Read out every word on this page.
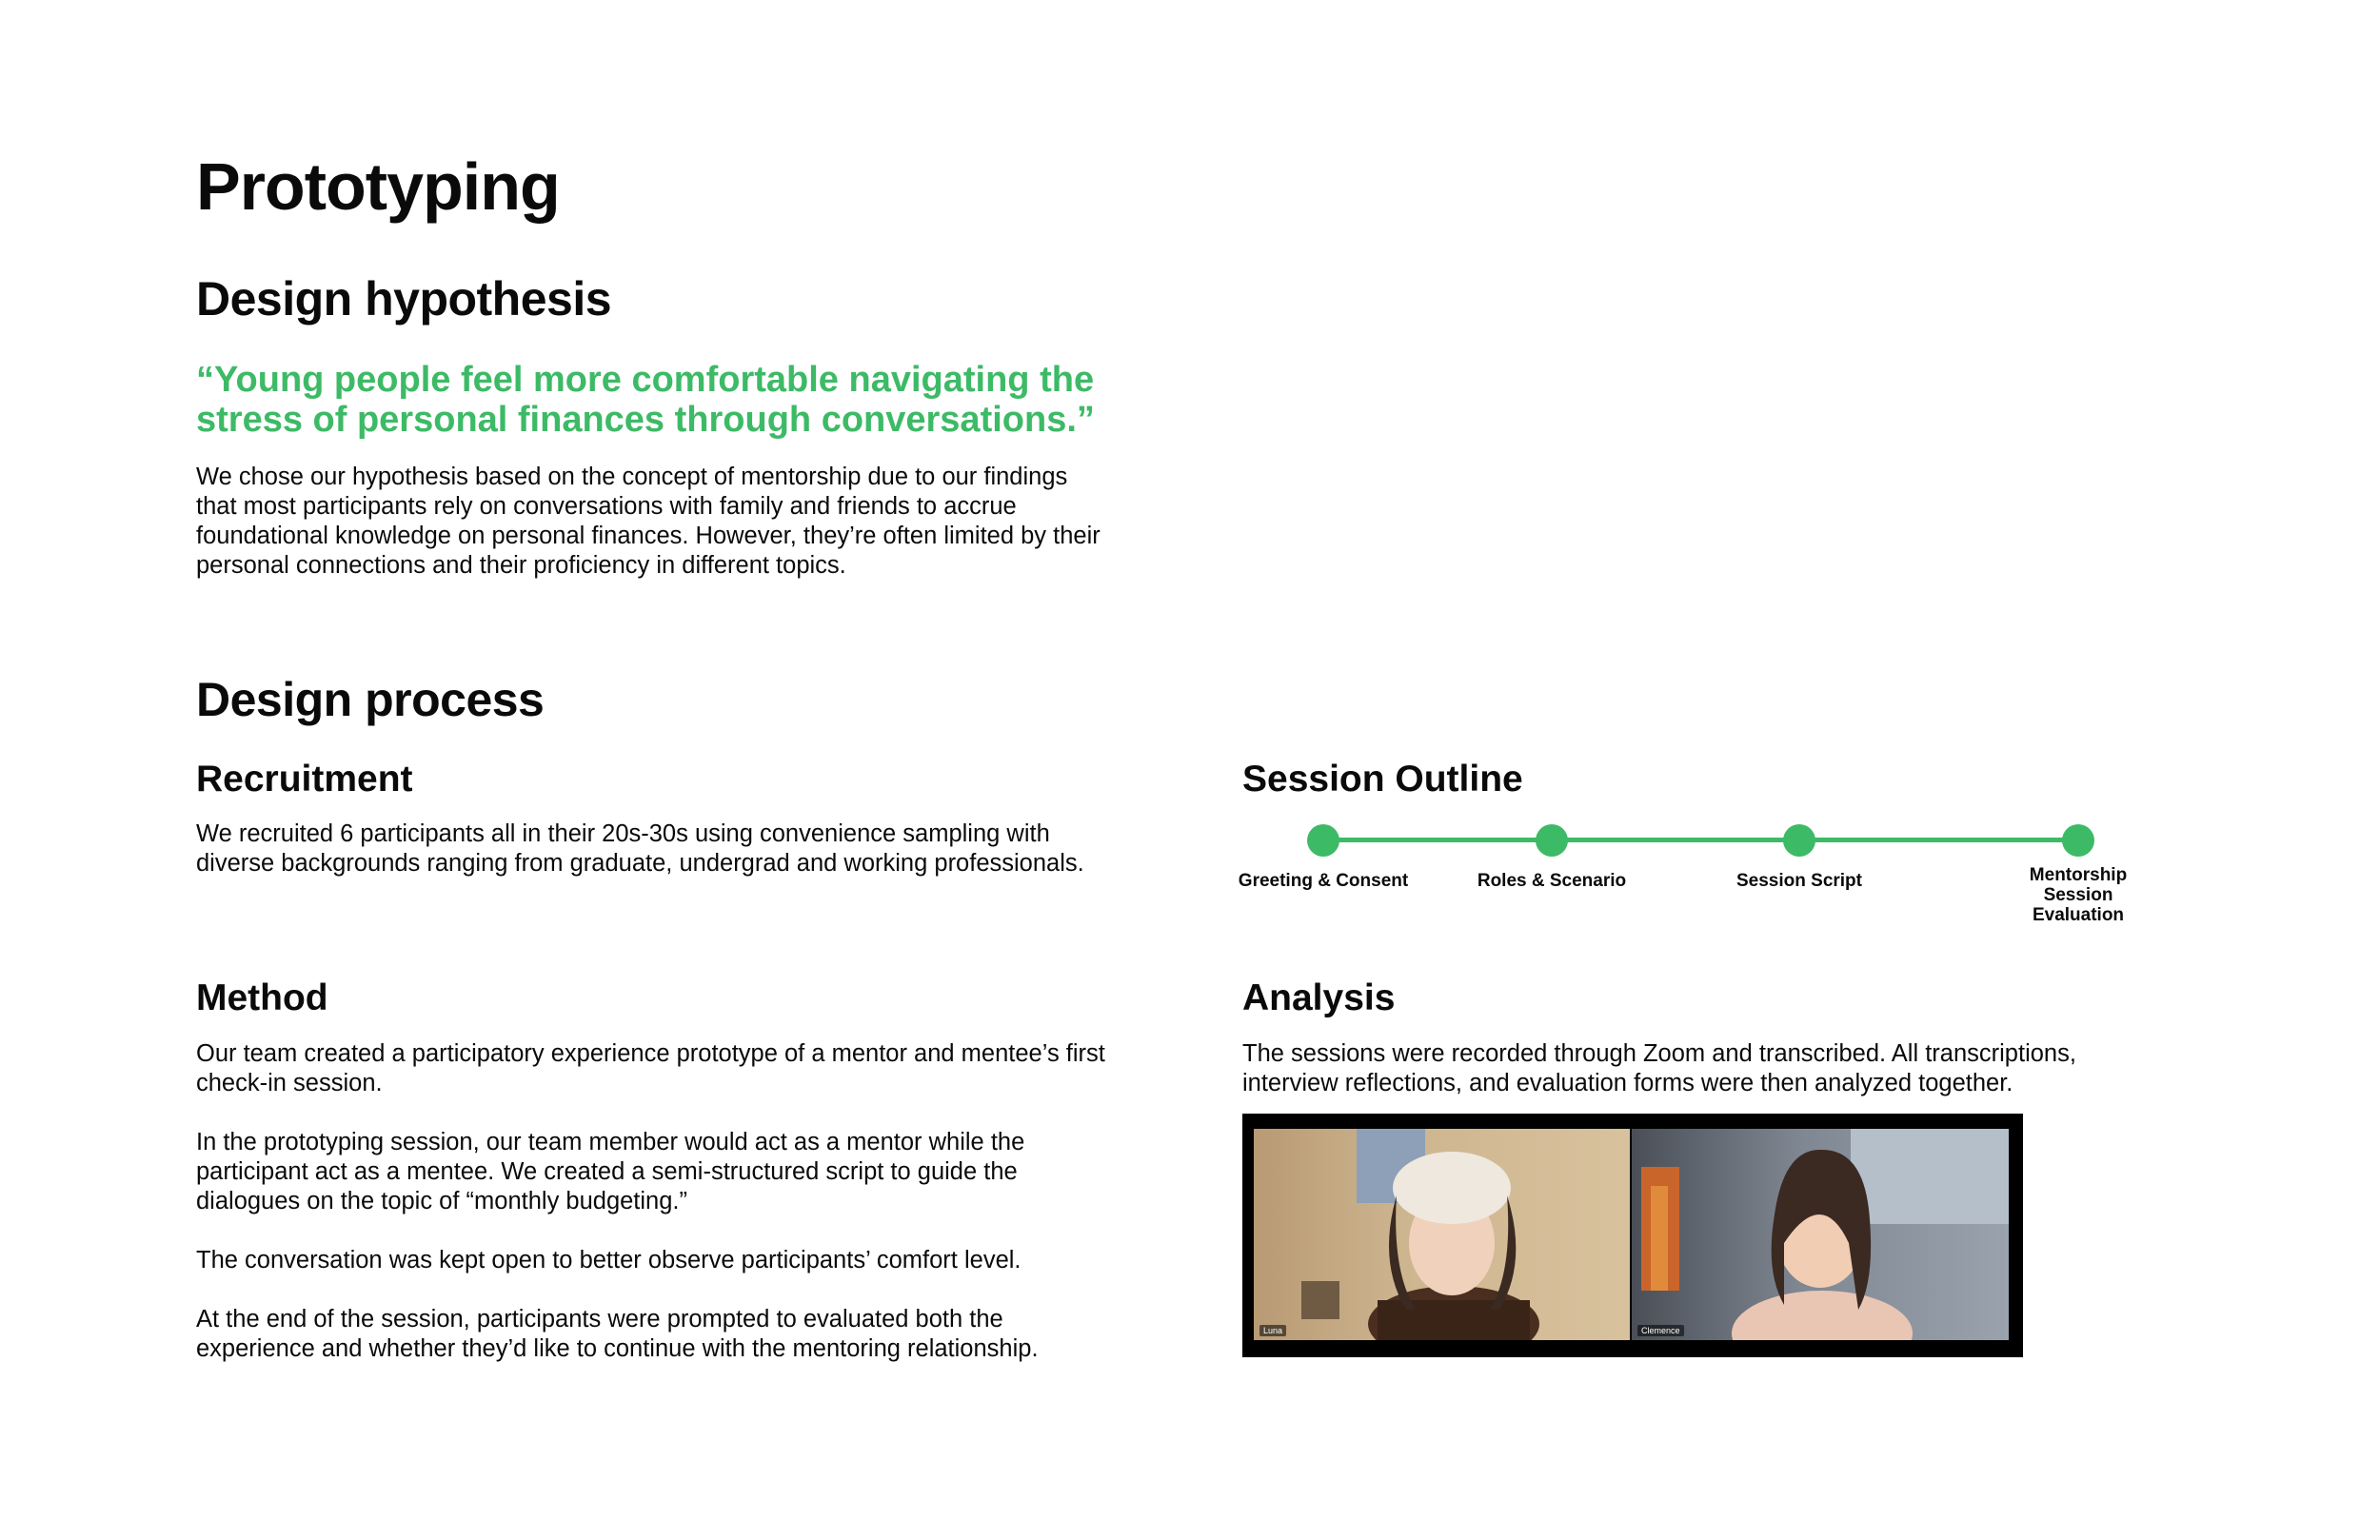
Prototyping
Design hypothesis

“Young people feel more comfortable navigating the stress of personal finances through conversations.”

We chose our hypothesis based on the concept of mentorship due to our findings that most participants rely on conversations with family and friends to accrue foundational knowledge on personal finances. However, they’re often limited by their personal connections and their proficiency in different topics.

Design process
Recruitment

We recruited 6 participants all in their 20s-30s using convenience sampling with diverse backgrounds ranging from graduate, undergrad and working professionals.

Method

Our team created a participatory experience prototype of a mentor and mentee’s first check-in session.

In the prototyping session, our team member would act as a mentor while the participant act as a mentee. We created a semi-structured script to guide the dialogues on the topic of “monthly budgeting.”

The conversation was kept open to better observe participants’ comfort level.

At the end of the session, participants were prompted to evaluated both the experience and whether they’d like to continue with the mentoring relationship.

Session Outline
Greeting & Consent	Roles & Scenario	Session Script	Mentorship Session Evaluation
Analysis

The sessions were recorded through Zoom and transcribed. All transcriptions, interview reflections, and evaluation forms were then analyzed together.

Luna	Clemence
